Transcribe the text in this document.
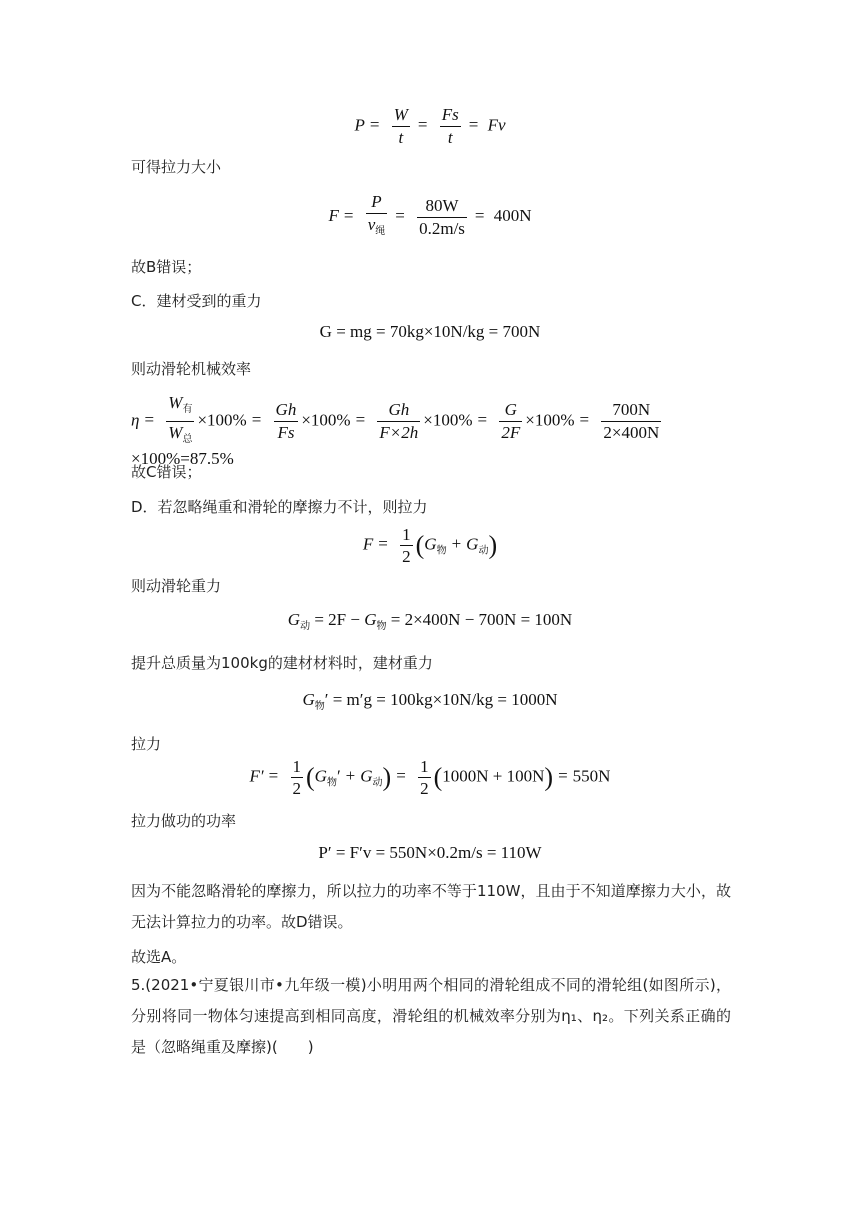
$P = \frac{W}{t} = \frac{Fs}{t} = Fv$
可得拉力大小
$F = \frac{P}{v_绳} = \frac{80W}{0.2m/s} = 400N$
故B错误；
C．建材受到的重力
G = mg = 70kg×10N/kg = 700N
则动滑轮机械效率
$\eta = \frac{W_有}{W_总} \times 100\% = \frac{Gh}{Fs} \times 100\% = \frac{Gh}{F\times 2h} \times 100\% = \frac{G}{2F} \times 100\% = \frac{700N}{2\times 400N}$
×100%=87.5%
故C错误；
D．若忽略绳重和滑轮的摩擦力不计，则拉力
$F = \frac{1}{2} (G_物 + G_动)$
则动滑轮重力
$G_动 = 2F - G_物 = 2\times 400N - 700N = 100N$
提升总质量为100kg的建材材料时，建材重力
$G_物' = m'g = 100kg\times 10N/kg = 1000N$
拉力
$F' = \frac{1}{2} (G_物' + G_动) = \frac{1}{2} (1000N + 100N) = 550N$
拉力做功的功率
P′ = F′v = 550N×0.2m/s = 110W
因为不能忽略滑轮的摩擦力，所以拉力的功率不等于110W，且由于不知道摩擦力大小，故无法计算拉力的功率。故D错误。
故选A。
5.(2021•宁夏银川市•九年级一模)小明用两个相同的滑轮组成不同的滑轮组(如图所示)，分别将同一物体匀速提高到相同高度，滑轮组的机械效率分别为η₁、η₂。下列关系正确的是（忽略绳重及摩擦)(　　)
